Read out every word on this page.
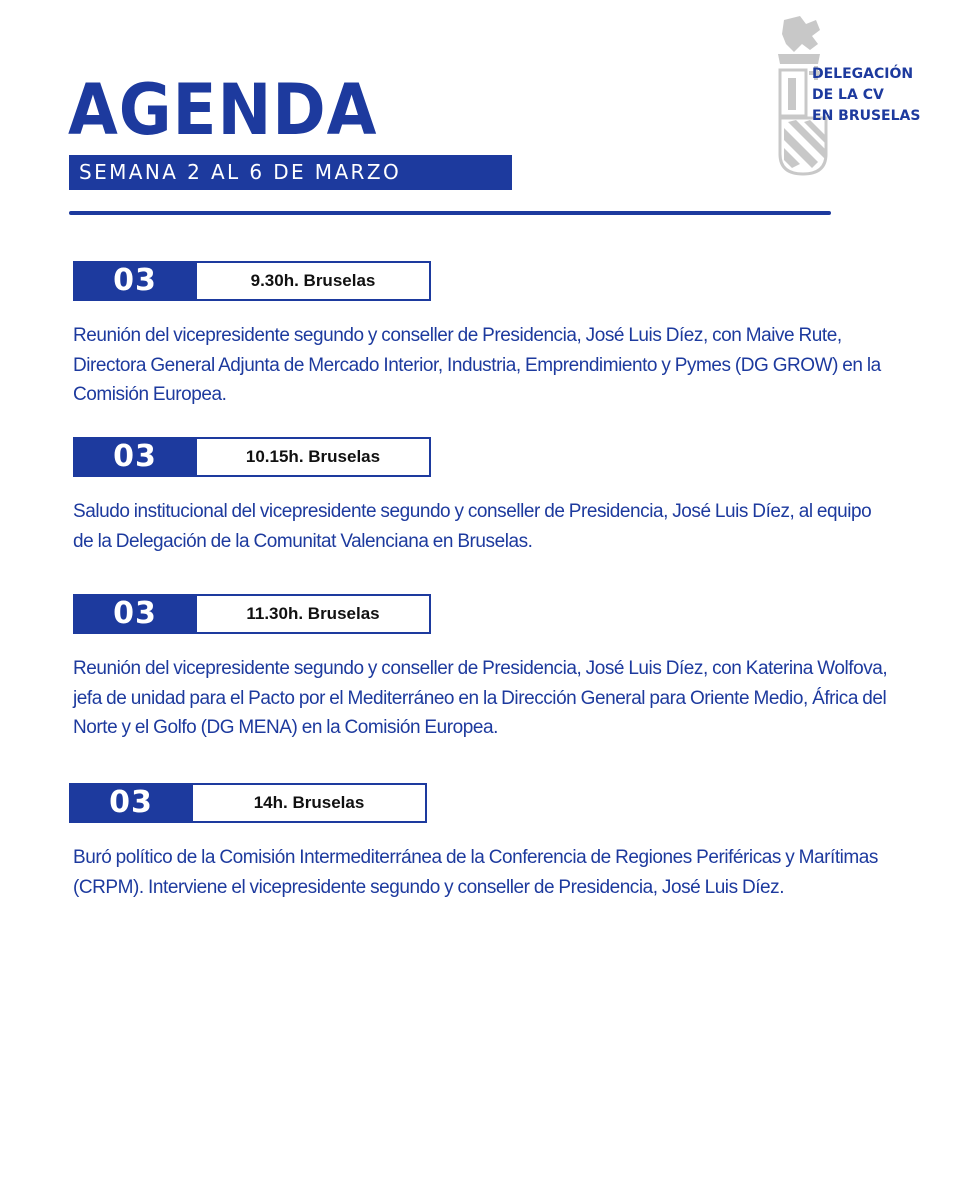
AGENDA
SEMANA 2 AL 6 DE MARZO
DELEGACIÓN
DE LA CV
EN BRUSELAS
03	9.30h. Bruselas

Reunión del vicepresidente segundo y conseller de Presidencia, José Luis Díez, con Maive Rute, Directora General Adjunta de Mercado Interior, Industria, Emprendimiento y Pymes (DG GROW) en la Comisión Europea.

03	10.15h. Bruselas

Saludo institucional del vicepresidente segundo y conseller de Presidencia, José Luis Díez, al equipo de la Delegación de la Comunitat Valenciana en Bruselas.

03	11.30h. Bruselas

Reunión del vicepresidente segundo y conseller de Presidencia, José Luis Díez, con Katerina Wolfova, jefa de unidad para el Pacto por el Mediterráneo en la Dirección General para Oriente Medio, África del Norte y el Golfo (DG MENA) en la Comisión Europea.

03	14h. Bruselas

Buró político de la Comisión Intermediterránea de la Conferencia de Regiones Periféricas y Marítimas (CRPM). Interviene el vicepresidente segundo y conseller de Presidencia, José Luis Díez.
